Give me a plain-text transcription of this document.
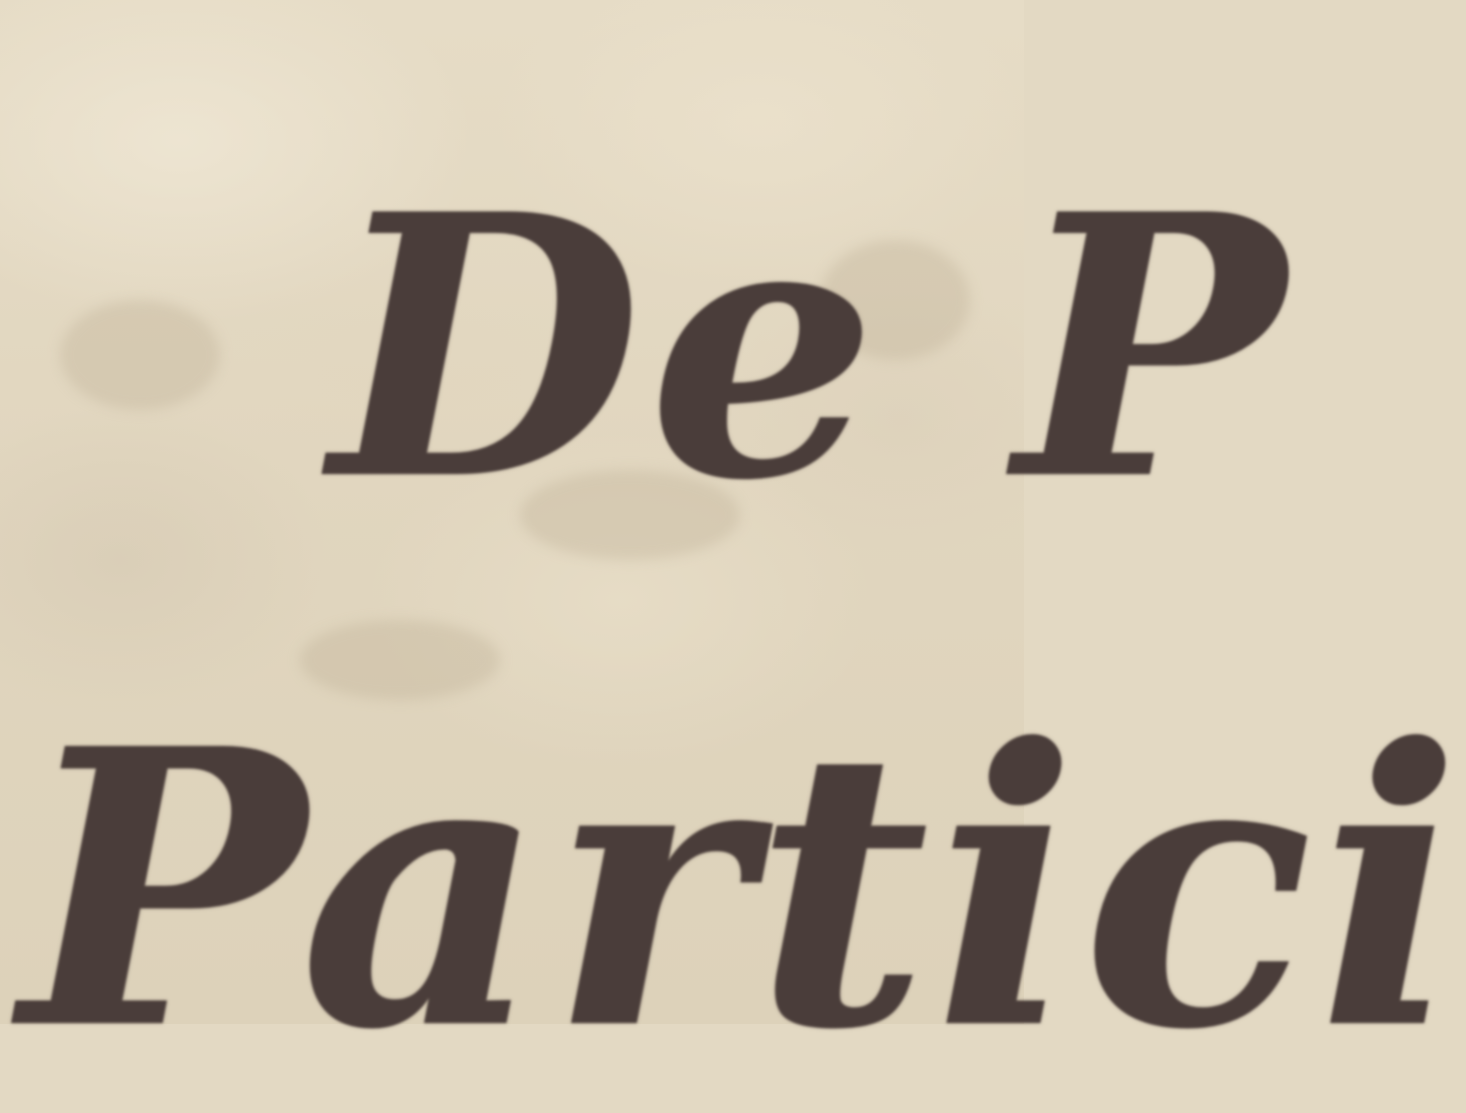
De P

Partici
